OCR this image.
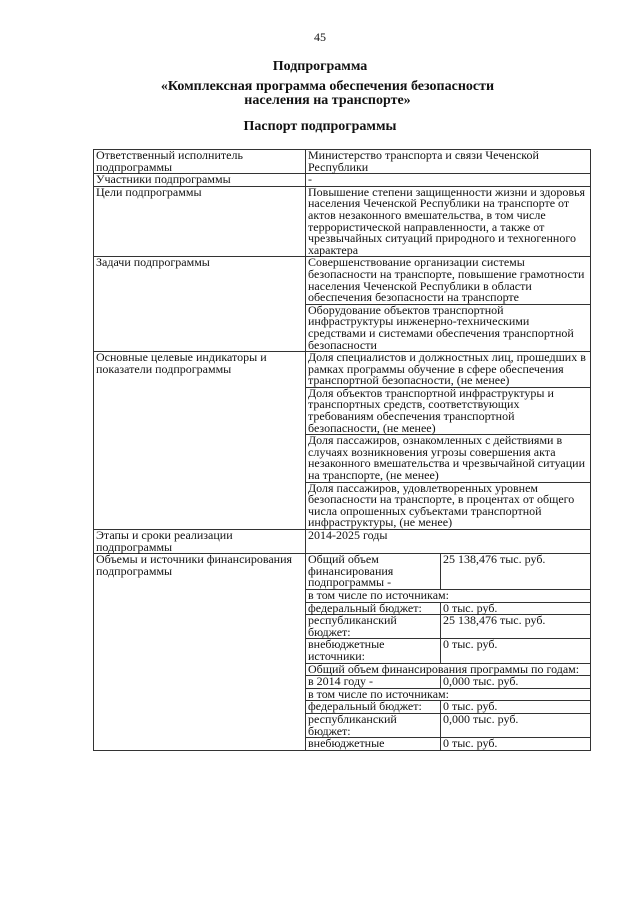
45
Подпрограмма
«Комплексная программа обеспечения безопасности населения на транспорте»
Паспорт подпрограммы
Ответственный исполнитель подпрограммы	Министерство транспорта и связи Чеченской Республики	
Участники подпрограммы	-	
Цели подпрограммы	Повышение степени защищенности жизни и здоровья населения Чеченской Республики на транспорте от актов незаконного вмешательства, в том числе террористической направленности, а также от чрезвычайных ситуаций природного и техногенного характера	
Задачи подпрограммы	Совершенствование организации системы безопасности на транспорте, повышение грамотности населения Чеченской Республики в области обеспечения безопасности на транспорте	
	Оборудование объектов транспортной инфраструктуры инженерно-техническими средствами и системами обеспечения транспортной безопасности	
Основные целевые индикаторы и показатели подпрограммы	Доля специалистов и должностных лиц, прошедших в рамках программы обучение в сфере обеспечения транспортной безопасности, (не менее)	
	Доля объектов транспортной инфраструктуры и транспортных средств, соответствующих требованиям обеспечения транспортной безопасности, (не менее)	
	Доля пассажиров, ознакомленных с действиями в случаях возникновения угрозы совершения акта незаконного вмешательства и чрезвычайной ситуации на транспорте, (не менее)	
	Доля пассажиров, удовлетворенных уровнем безопасности на транспорте, в процентах от общего числа опрошенных субъектами транспортной инфраструктуры, (не менее)	
Этапы и сроки реализации подпрограммы	2014-2025 годы	
Объемы и источники финансирования подпрограммы	Общий объем финансирования подпрограммы -	25 138,476 тыс. руб.
	в том числе по источникам:	
	федеральный бюджет:	0 тыс. руб.
	республиканский бюджет:	25 138,476 тыс. руб.
	внебюджетные источники:	0 тыс. руб.
	Общий объем финансирования программы по годам:	
	в 2014 году -	0,000 тыс. руб.
	в том числе по источникам:	
	федеральный бюджет:	0 тыс. руб.
	республиканский бюджет:	0,000 тыс. руб.
	внебюджетные	0 тыс. руб.
